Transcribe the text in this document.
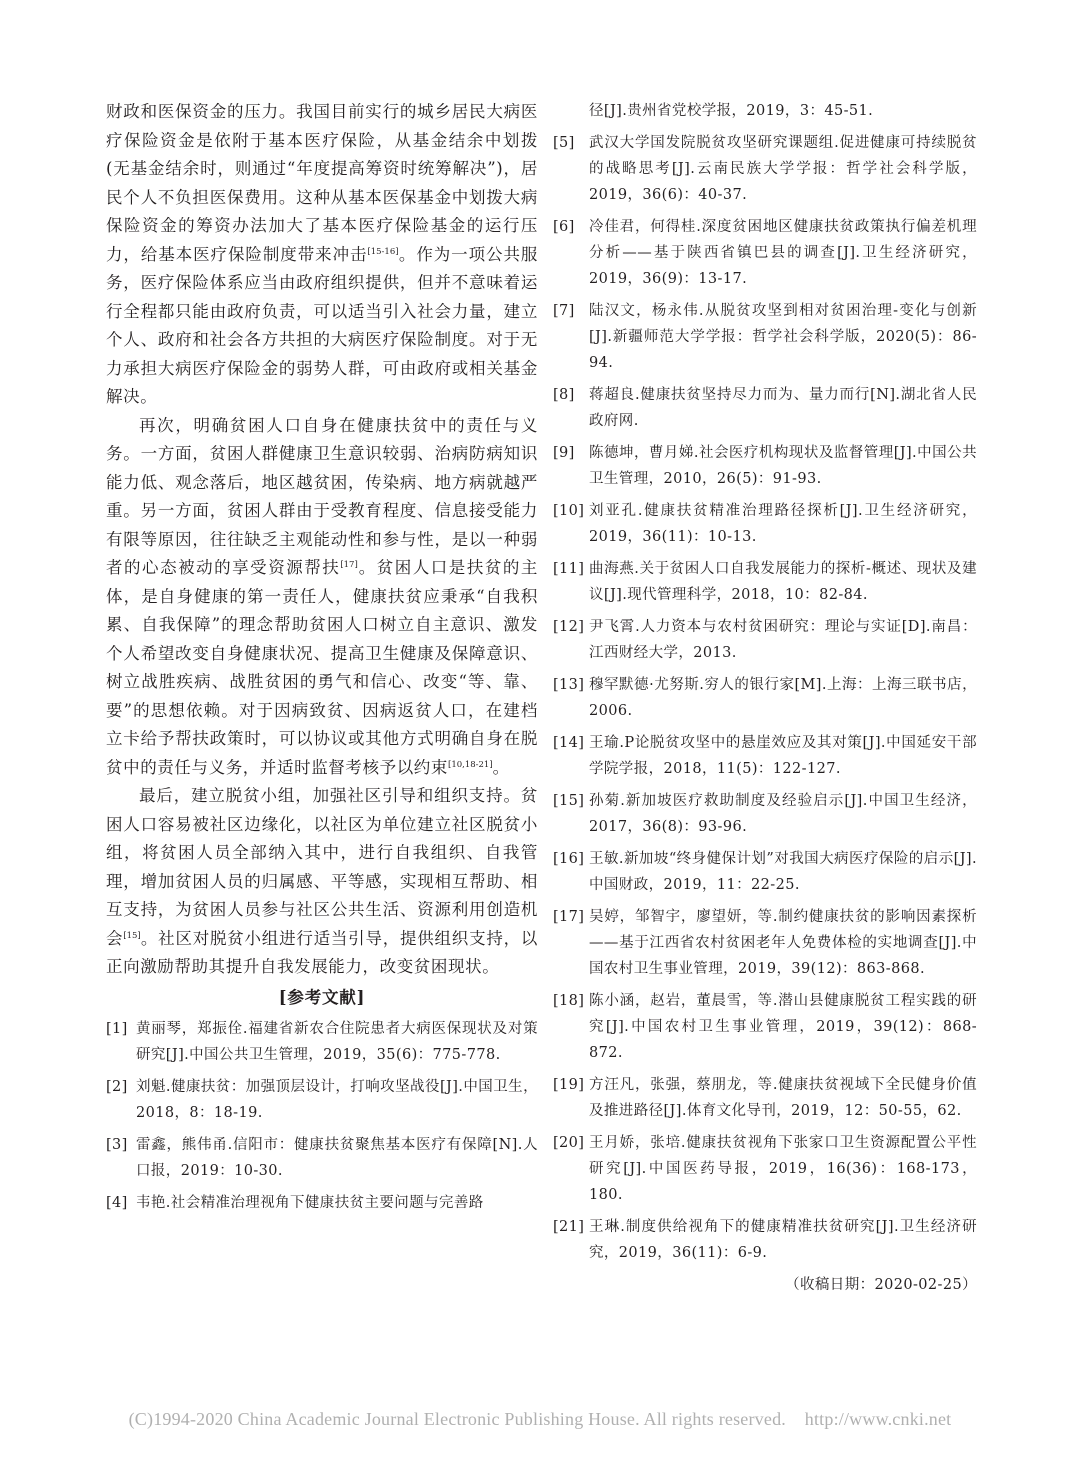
财政和医保资金的压力。我国目前实行的城乡居民大病医疗保险资金是依附于基本医疗保险，从基金结余中划拨(无基金结余时，则通过“年度提高筹资时统筹解决”)，居民个人不负担医保费用。这种从基本医保基金中划拨大病保险资金的筹资办法加大了基本医疗保险基金的运行压力，给基本医疗保险制度带来冲击[15-16]。作为一项公共服务，医疗保险体系应当由政府组织提供，但并不意味着运行全程都只能由政府负责，可以适当引入社会力量，建立个人、政府和社会各方共担的大病医疗保险制度。对于无力承担大病医疗保险金的弱势人群，可由政府或相关基金解决。

再次，明确贫困人口自身在健康扶贫中的责任与义务。一方面，贫困人群健康卫生意识较弱、治病防病知识能力低、观念落后，地区越贫困，传染病、地方病就越严重。另一方面，贫困人群由于受教育程度、信息接受能力有限等原因，往往缺乏主观能动性和参与性，是以一种弱者的心态被动的享受资源帮扶[17]。贫困人口是扶贫的主体，是自身健康的第一责任人，健康扶贫应秉承“自我积累、自我保障”的理念帮助贫困人口树立自主意识、激发个人希望改变自身健康状况、提高卫生健康及保障意识、树立战胜疾病、战胜贫困的勇气和信心、改变“等、靠、要”的思想依赖。对于因病致贫、因病返贫人口，在建档立卡给予帮扶政策时，可以协议或其他方式明确自身在脱贫中的责任与义务，并适时监督考核予以约束[10,18-21]。

最后，建立脱贫小组，加强社区引导和组织支持。贫困人口容易被社区边缘化，以社区为单位建立社区脱贫小组，将贫困人员全部纳入其中，进行自我组织、自我管理，增加贫困人员的归属感、平等感，实现相互帮助、相互支持，为贫困人员参与社区公共生活、资源利用创造机会[15]。社区对脱贫小组进行适当引导，提供组织支持，以正向激励帮助其提升自我发展能力，改变贫困现状。

[参考文献]
[1] 黄丽琴，郑振佺.福建省新农合住院患者大病医保现状及对策研究[J].中国公共卫生管理，2019，35(6)：775-778.
[2] 刘魁.健康扶贫：加强顶层设计，打响攻坚战役[J].中国卫生，2018，8：18-19.
[3] 雷鑫，熊伟甬.信阳市：健康扶贫聚焦基本医疗有保障[N].人口报，2019：10-30.
[4] 韦艳.社会精准治理视角下健康扶贫主要问题与完善路
径[J].贵州省党校学报，2019，3：45-51.
[5] 武汉大学国发院脱贫攻坚研究课题组.促进健康可持续脱贫的战略思考[J].云南民族大学学报：哲学社会科学版，2019，36(6)：40-37.
[6] 冷佳君，何得桂.深度贫困地区健康扶贫政策执行偏差机理分析——基于陕西省镇巴县的调查[J].卫生经济研究，2019，36(9)：13-17.
[7] 陆汉文，杨永伟.从脱贫攻坚到相对贫困治理-变化与创新[J].新疆师范大学学报：哲学社会科学版，2020(5)：86-94.
[8] 蒋超良.健康扶贫坚持尽力而为、量力而行[N].湖北省人民政府网.
[9] 陈德坤，曹月娣.社会医疗机构现状及监督管理[J].中国公共卫生管理，2010，26(5)：91-93.
[10] 刘亚孔.健康扶贫精准治理路径探析[J].卫生经济研究，2019，36(11)：10-13.
[11] 曲海燕.关于贫困人口自我发展能力的探析-概述、现状及建议[J].现代管理科学，2018，10：82-84.
[12] 尹飞霄.人力资本与农村贫困研究：理论与实证[D].南昌：江西财经大学，2013.
[13] 穆罕默德·尤努斯.穷人的银行家[M].上海：上海三联书店，2006.
[14] 王瑜.P论脱贫攻坚中的悬崖效应及其对策[J].中国延安干部学院学报，2018，11(5)：122-127.
[15] 孙菊.新加坡医疗救助制度及经验启示[J].中国卫生经济，2017，36(8)：93-96.
[16] 王敏.新加坡“终身健保计划”对我国大病医疗保险的启示[J].中国财政，2019，11：22-25.
[17] 吴婷，邹智宇，廖望妍，等.制约健康扶贫的影响因素探析——基于江西省农村贫困老年人免费体检的实地调查[J].中国农村卫生事业管理，2019，39(12)：863-868.
[18] 陈小涵，赵岩，董晨雪，等.潜山县健康脱贫工程实践的研究[J].中国农村卫生事业管理，2019，39(12)：868-872.
[19] 方汪凡，张强，蔡朋龙，等.健康扶贫视域下全民健身价值及推进路径[J].体育文化导刊，2019，12：50-55，62.
[20] 王月娇，张培.健康扶贫视角下张家口卫生资源配置公平性研究[J].中国医药导报，2019，16(36)：168-173，180.
[21] 王琳.制度供给视角下的健康精准扶贫研究[J].卫生经济研究，2019，36(11)：6-9.
（收稿日期：2020-02-25）
(C)1994-2020 China Academic Journal Electronic Publishing House. All rights reserved.    http://www.cnki.net
